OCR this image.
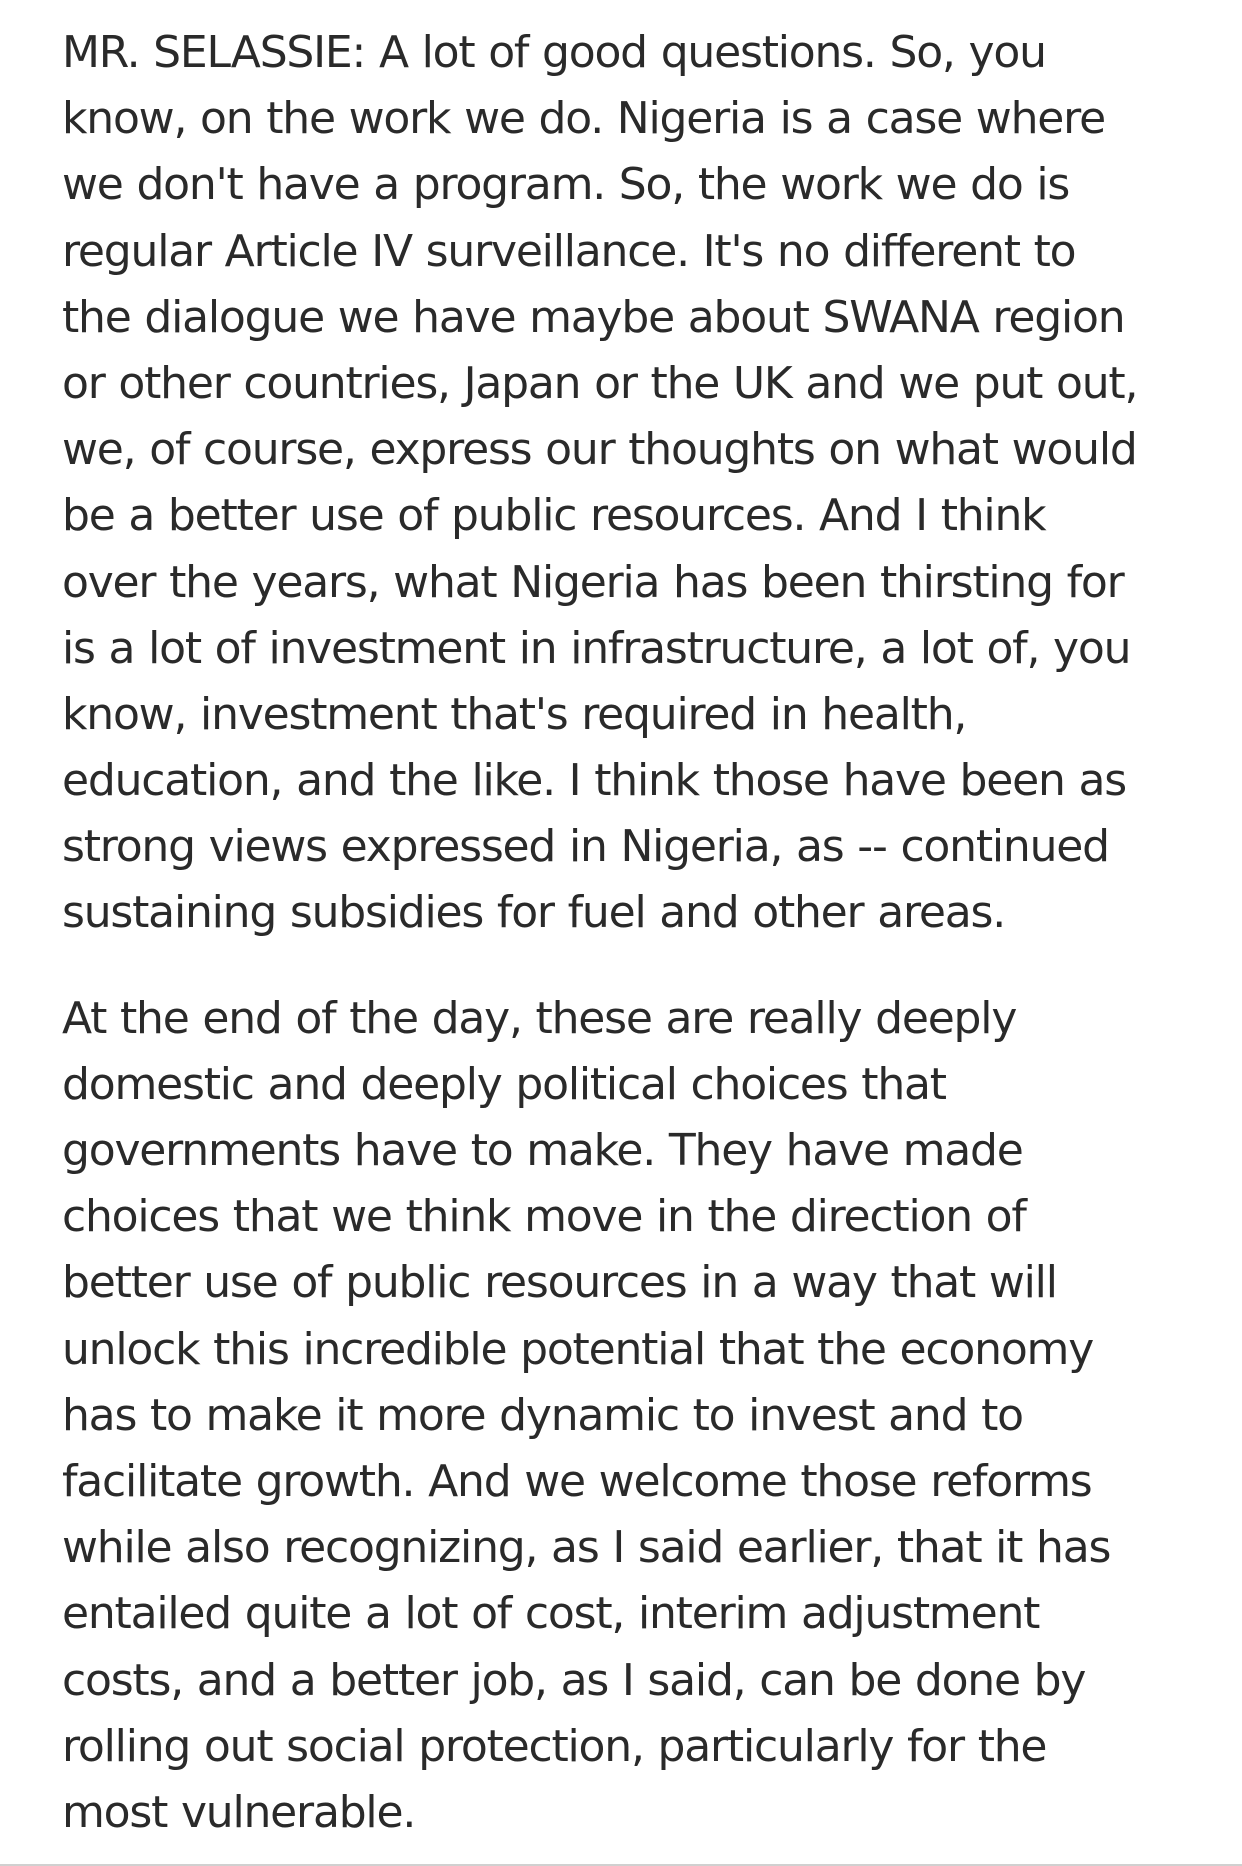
MR. SELASSIE: A lot of good questions. So, you
know, on the work we do. Nigeria is a case where
we don't have a program. So, the work we do is
regular Article IV surveillance. It's no different to
the dialogue we have maybe about SWANA region
or other countries, Japan or the UK and we put out,
we, of course, express our thoughts on what would
be a better use of public resources. And I think
over the years, what Nigeria has been thirsting for
is a lot of investment in infrastructure, a lot of, you
know, investment that's required in health,
education, and the like. I think those have been as
strong views expressed in Nigeria, as -- continued
sustaining subsidies for fuel and other areas.

At the end of the day, these are really deeply
domestic and deeply political choices that
governments have to make. They have made
choices that we think move in the direction of
better use of public resources in a way that will
unlock this incredible potential that the economy
has to make it more dynamic to invest and to
facilitate growth. And we welcome those reforms
while also recognizing, as I said earlier, that it has
entailed quite a lot of cost, interim adjustment
costs, and a better job, as I said, can be done by
rolling out social protection, particularly for the
most vulnerable.
